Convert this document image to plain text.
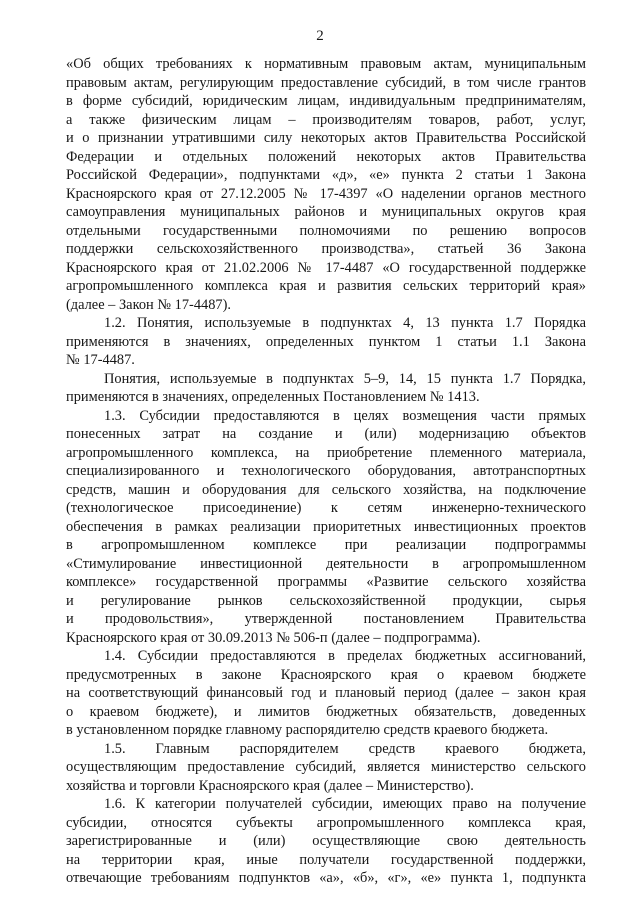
2
«Об общих требованиях к нормативным правовым актам, муниципальным
правовым актам, регулирующим предоставление субсидий, в том числе грантов
в форме субсидий, юридическим лицам, индивидуальным предпринимателям,
а также физическим лицам – производителям товаров, работ, услуг,
и о признании утратившими силу некоторых актов Правительства Российской
Федерации и отдельных положений некоторых актов Правительства
Российской Федерации», подпунктами «д», «е» пункта 2 статьи 1 Закона
Красноярского края от 27.12.2005 № 17-4397 «О наделении органов местного
самоуправления муниципальных районов и муниципальных округов края
отдельными государственными полномочиями по решению вопросов
поддержки сельскохозяйственного производства», статьей 36 Закона
Красноярского края от 21.02.2006 № 17-4487 «О государственной поддержке
агропромышленного комплекса края и развития сельских территорий края»
(далее – Закон № 17-4487).
1.2. Понятия, используемые в подпунктах 4, 13 пункта 1.7 Порядка
применяются в значениях, определенных пунктом 1 статьи 1.1 Закона
№ 17-4487.
Понятия, используемые в подпунктах 5–9, 14, 15 пункта 1.7 Порядка,
применяются в значениях, определенных Постановлением № 1413.
1.3. Субсидии предоставляются в целях возмещения части прямых
понесенных затрат на создание и (или) модернизацию объектов
агропромышленного комплекса, на приобретение племенного материала,
специализированного и технологического оборудования, автотранспортных
средств, машин и оборудования для сельского хозяйства, на подключение
(технологическое присоединение) к сетям инженерно-технического
обеспечения в рамках реализации приоритетных инвестиционных проектов
в агропромышленном комплексе при реализации подпрограммы
«Стимулирование инвестиционной деятельности в агропромышленном
комплексе» государственной программы «Развитие сельского хозяйства
и регулирование рынков сельскохозяйственной продукции, сырья
и продовольствия», утвержденной постановлением Правительства
Красноярского края от 30.09.2013 № 506-п (далее – подпрограмма).
1.4. Субсидии предоставляются в пределах бюджетных ассигнований,
предусмотренных в законе Красноярского края о краевом бюджете
на соответствующий финансовый год и плановый период (далее – закон края
о краевом бюджете), и лимитов бюджетных обязательств, доведенных
в установленном порядке главному распорядителю средств краевого бюджета.
1.5. Главным распорядителем средств краевого бюджета,
осуществляющим предоставление субсидий, является министерство сельского
хозяйства и торговли Красноярского края (далее – Министерство).
1.6. К категории получателей субсидии, имеющих право на получение
субсидии, относятся субъекты агропромышленного комплекса края,
зарегистрированные и (или) осуществляющие свою деятельность
на территории края, иные получатели государственной поддержки,
отвечающие требованиям подпунктов «а», «б», «г», «е» пункта 1, подпункта
